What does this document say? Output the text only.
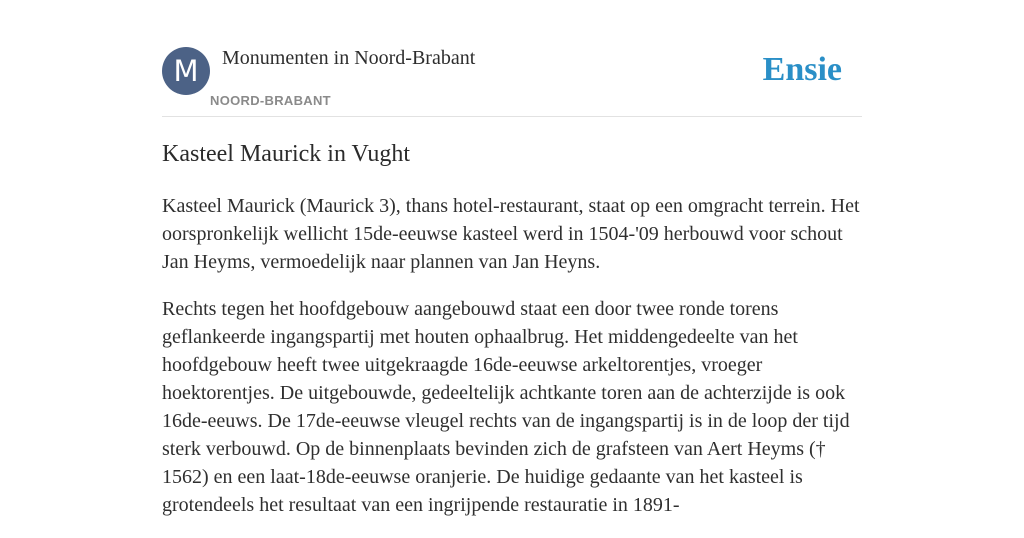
M	Monumenten in Noord-Brabant
NOORD-BRABANT
Ensie
Kasteel Maurick in Vught

Kasteel Maurick (Maurick 3), thans hotel-restaurant, staat op een omgracht terrein. Het oorspronkelijk wellicht 15de-eeuwse kasteel werd in 1504-'09 herbouwd voor schout Jan Heyms, vermoedelijk naar plannen van Jan Heyns.

Rechts tegen het hoofdgebouw aangebouwd staat een door twee ronde torens geflankeerde ingangspartij met houten ophaalbrug. Het middengedeelte van het hoofdgebouw heeft twee uitgekraagde 16de-eeuwse arkeltorentjes, vroeger hoektorentjes. De uitgebouwde, gedeeltelijk achtkante toren aan de achterzijde is ook 16de-eeuws. De 17de-eeuwse vleugel rechts van de ingangspartij is in de loop der tijd sterk verbouwd. Op de binnenplaats bevinden zich de grafsteen van Aert Heyms († 1562) en een laat-18de-eeuwse oranjerie. De huidige gedaante van het kasteel is grotendeels het resultaat van een ingrijpende restauratie in 1891-
